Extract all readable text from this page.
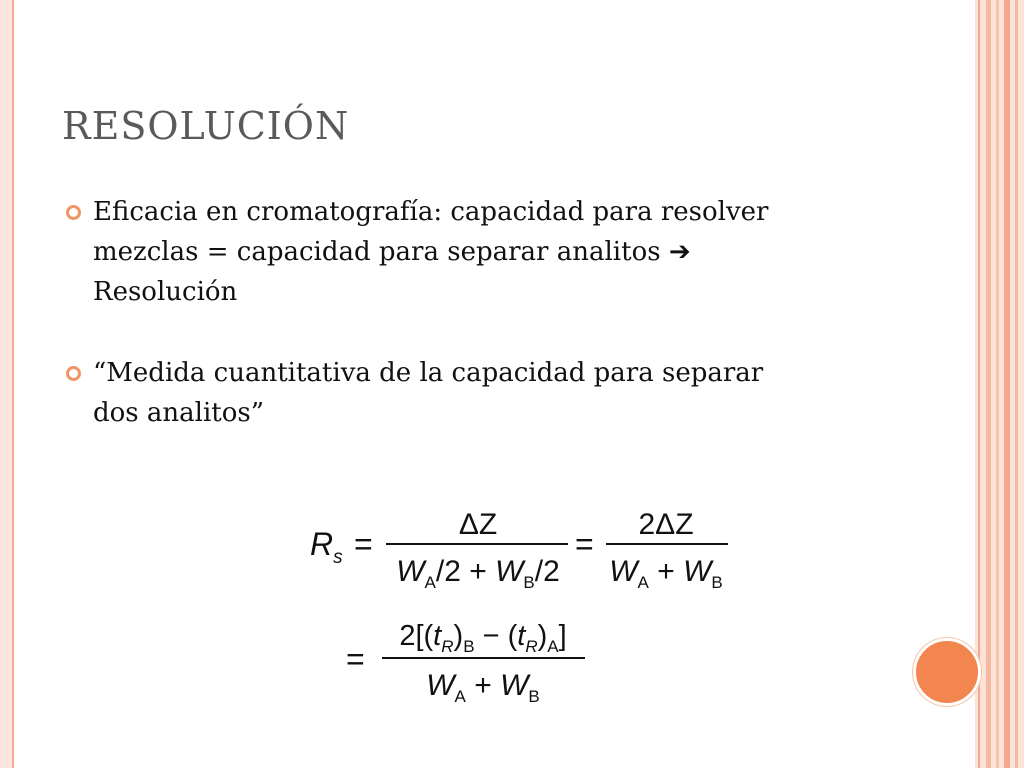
RESOLUCIÓN
Eficacia en cromatografía: capacidad para resolver mezclas = capacidad para separar analitos ➔ Resolución
“Medida cuantitativa de la capacidad para separar dos analitos”
$R_s$ =
ΔZ
$W_A/2 + W_B/2$
=
2ΔZ
$W_A + W_B$
=
$2[(t_R)_B - (t_R)_A]$
$W_A + W_B$
